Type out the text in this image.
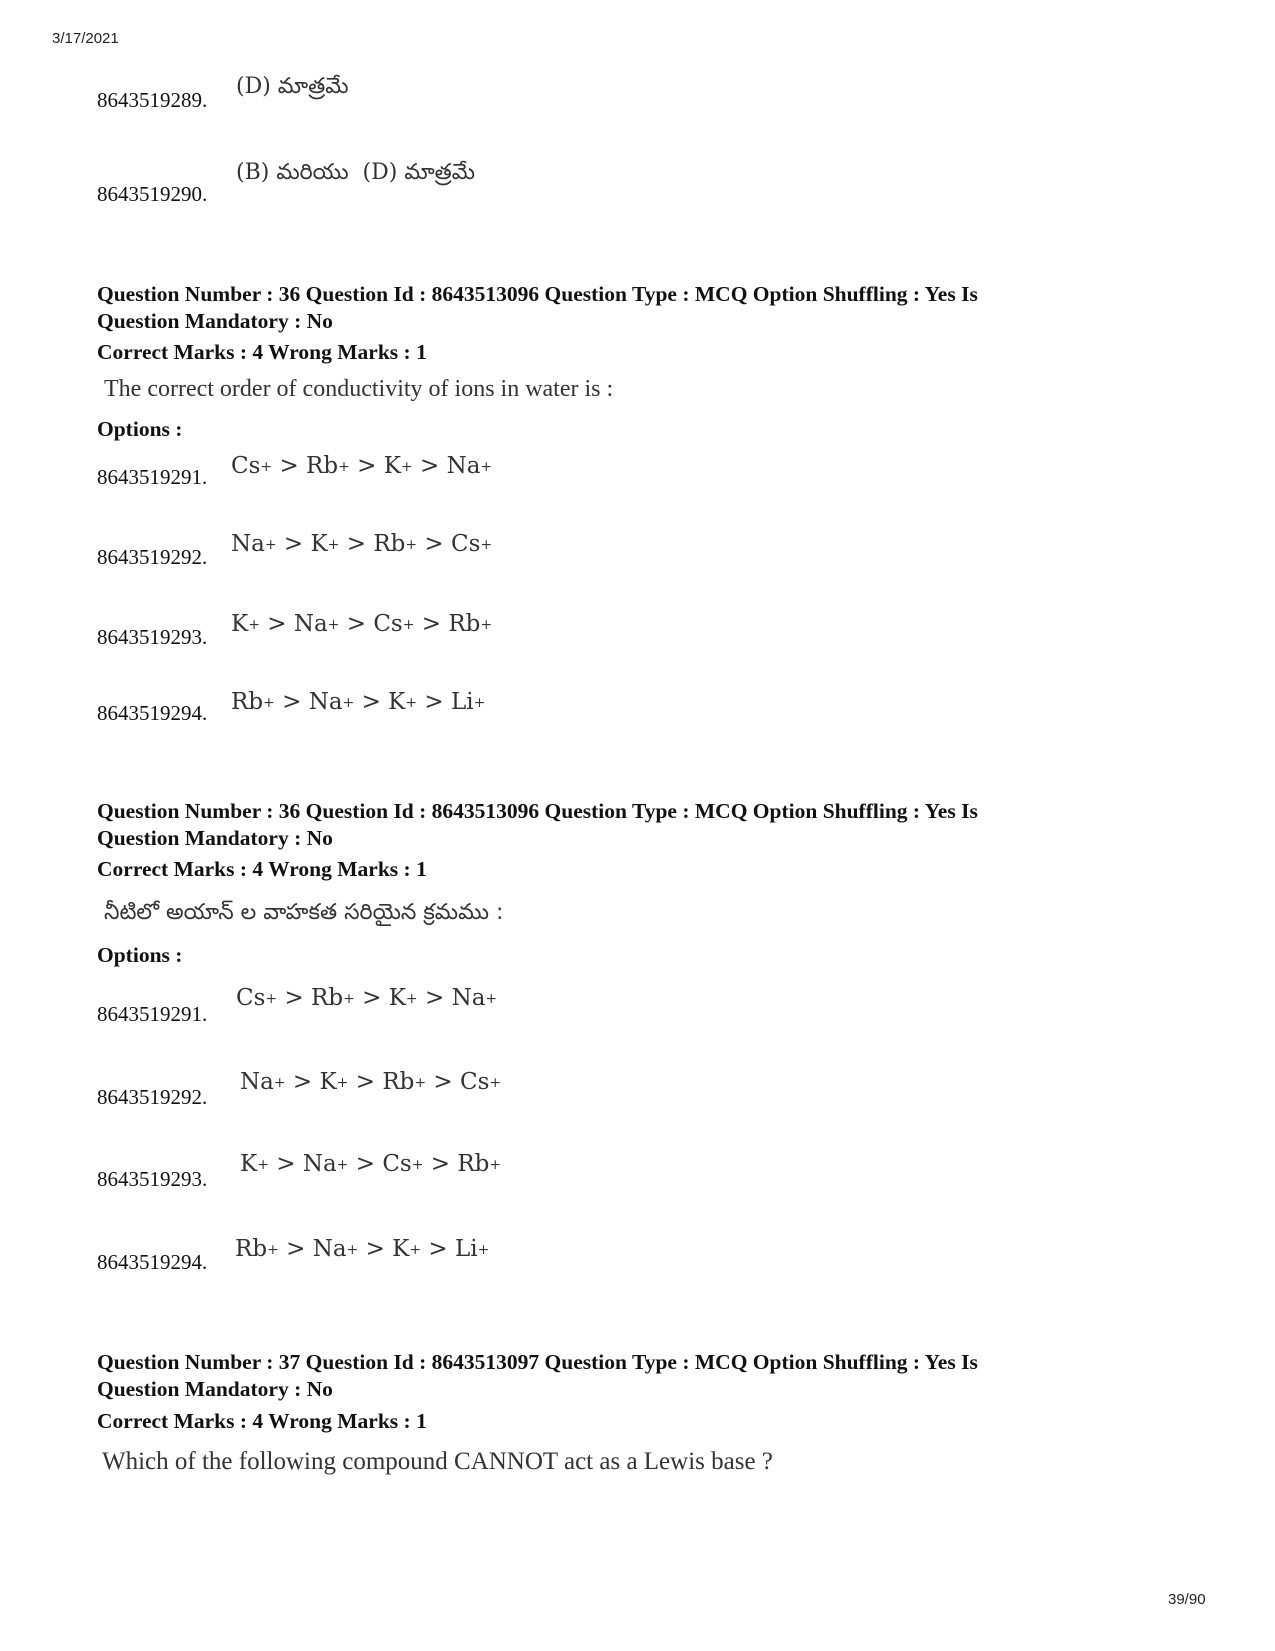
3/17/2021
39/90
8643519289.
(D) మాత్రమే
8643519290.
(B) మరియు  (D) మాత్రమే
Question Number : 36 Question Id : 8643513096 Question Type : MCQ Option Shuffling : Yes Is
Question Mandatory : No
Correct Marks : 4 Wrong Marks : 1
The correct order of conductivity of ions in water is :
Options :
8643519291. Cs+ > Rb+ > K+ > Na+
8643519292. Na+ > K+ > Rb+ > Cs+
8643519293. K+ > Na+ > Cs+ > Rb+
8643519294. Rb+ > Na+ > K+ > Li+
Question Number : 36 Question Id : 8643513096 Question Type : MCQ Option Shuffling : Yes Is
Question Mandatory : No
Correct Marks : 4 Wrong Marks : 1
నీటిలో అయాన్ ల వాహకత సరియైన క్రమము :
Options :
8643519291.
Cs+ > Rb+ > K+ > Na+
8643519292.
Na+ > K+ > Rb+ > Cs+
8643519293.
K+ > Na+ > Cs+ > Rb+
8643519294. Rb+ > Na+ > K+ > Li+
Question Number : 37 Question Id : 8643513097 Question Type : MCQ Option Shuffling : Yes Is
Question Mandatory : No
Correct Marks : 4 Wrong Marks : 1
Which of the following compound CANNOT act as a Lewis base ?
